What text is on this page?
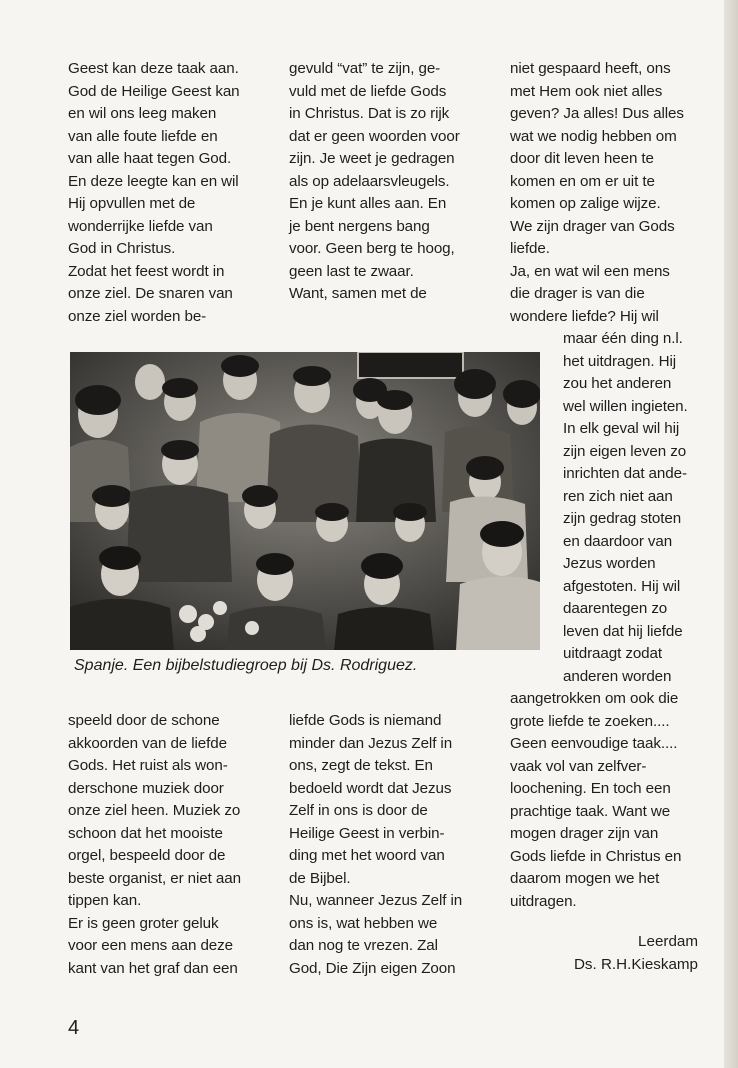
Geest kan deze taak aan.
God de Heilige Geest kan
en wil ons leeg maken
van alle foute liefde en
van alle haat tegen God.
En deze leegte kan en wil
Hij opvullen met de
wonderrijke liefde van
God in Christus.
Zodat het feest wordt in
onze ziel. De snaren van
onze ziel worden be-
gevuld “vat” te zijn, ge-
vuld met de liefde Gods
in Christus. Dat is zo rijk
dat er geen woorden voor
zijn. Je weet je gedragen
als op adelaarsvleugels.
En je kunt alles aan. En
je bent nergens bang
voor. Geen berg te hoog,
geen last te zwaar.
Want, samen met de
niet gespaard heeft, ons
met Hem ook niet alles
geven? Ja alles! Dus alles
wat we nodig hebben om
door dit leven heen te
komen en om er uit te
komen op zalige wijze.
We zijn drager van Gods
liefde.
Ja, en wat wil een mens
die drager is van die
wondere liefde? Hij wil
maar één ding n.l.
het uitdragen. Hij
zou het anderen
wel willen ingieten.
In elk geval wil hij
zijn eigen leven zo
inrichten dat ande-
ren zich niet aan
zijn gedrag stoten
en daardoor van
Jezus worden
afgestoten. Hij wil
daarentegen zo
leven dat hij liefde
uitdraagt zodat
anderen worden
aangetrokken om ook die
grote liefde te zoeken....
Geen eenvoudige taak....
vaak vol van zelfver-
loochening. En toch een
prachtige taak. Want we
mogen drager zijn van
Gods liefde in Christus en
daarom mogen we het
uitdragen.
speeld door de schone
akkoorden van de liefde
Gods. Het ruist als won-
derschone muziek door
onze ziel heen. Muziek zo
schoon dat het mooiste
orgel, bespeeld door de
beste organist, er niet aan
tippen kan.
Er is geen groter geluk
voor een mens aan deze
kant van het graf dan een
liefde Gods is niemand
minder dan Jezus Zelf in
ons, zegt de tekst. En
bedoeld wordt dat Jezus
Zelf in ons is door de
Heilige Geest in verbin-
ding met het woord van
de Bijbel.
Nu, wanneer Jezus Zelf in
ons is, wat hebben we
dan nog te vrezen. Zal
God, Die Zijn eigen Zoon
Spanje. Een bijbelstudiegroep bij Ds. Rodriguez.
Leerdam
Ds. R.H.Kieskamp
4
